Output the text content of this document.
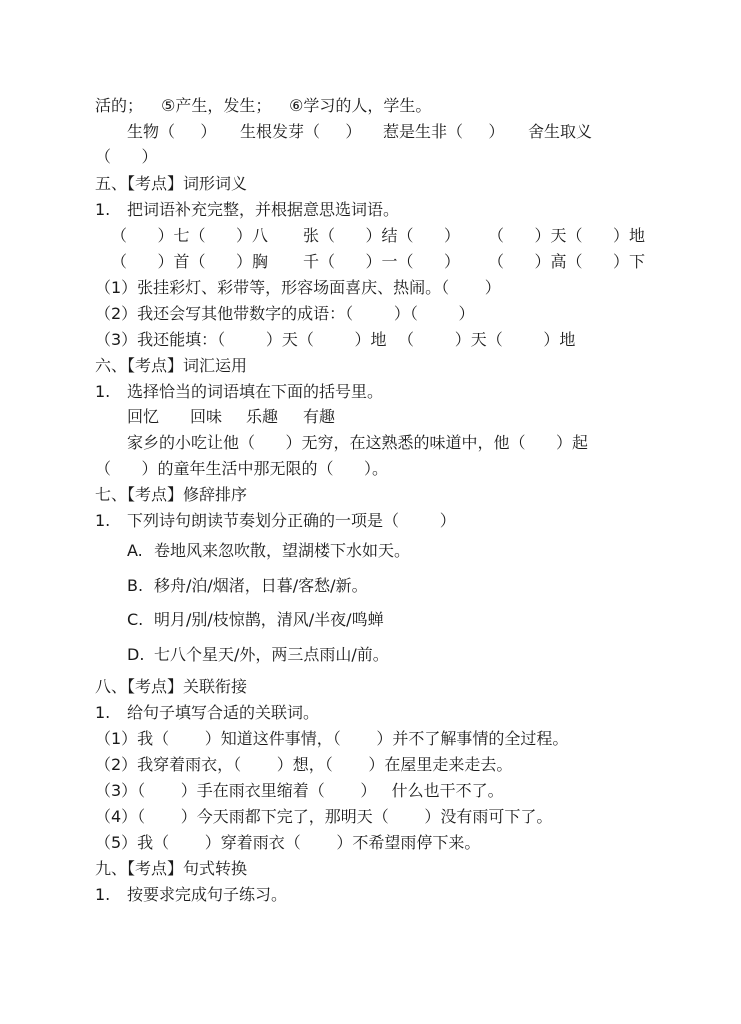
活的； ⑤产生，发生； ⑥学习的人，学生。
生物（     ） 生根发芽（     ） 惹是生非（     ） 舍生取义
（      ）
五、【考点】词形词义
1. 把词语补充完整，并根据意思选词语。
（      ）七（      ）八 张（      ）结（      ） （      ）天（      ）地
（      ）首（      ）胸 千（      ）一（      ） （      ）高（      ）下
（1）张挂彩灯、彩带等，形容场面喜庆、热闹。（       ）
（2）我还会写其他带数字的成语：（        ）（        ）
（3）我还能填：（        ）天（        ）地 （        ）天（        ）地
六、【考点】词汇运用
1. 选择恰当的词语填在下面的括号里。
回忆 回味 乐趣 有趣
家乡的小吃让他（      ）无穷，在这熟悉的味道中，他（      ）起
（      ）的童年生活中那无限的（      ）。
七、【考点】修辞排序
1. 下列诗句朗读节奏划分正确的一项是（        ）
A. 卷地风来忽吹散，望湖楼下水如天。
B. 移舟/泊/烟渚，日暮/客愁/新。
C. 明月/别/枝惊鹊，清风/半夜/鸣蝉
D. 七八个星天/外，两三点雨山/前。
八、【考点】关联衔接
1. 给句子填写合适的关联词。
（1）我（       ）知道这件事情，（       ）并不了解事情的全过程。
（2）我穿着雨衣，（       ）想，（       ）在屋里走来走去。
（3）（       ）手在雨衣里缩着（       ）   什么也干不了。
（4）（       ）今天雨都下完了，那明天（       ）没有雨可下了。
（5）我（       ）穿着雨衣（       ）不希望雨停下来。
九、【考点】句式转换
1. 按要求完成句子练习。
